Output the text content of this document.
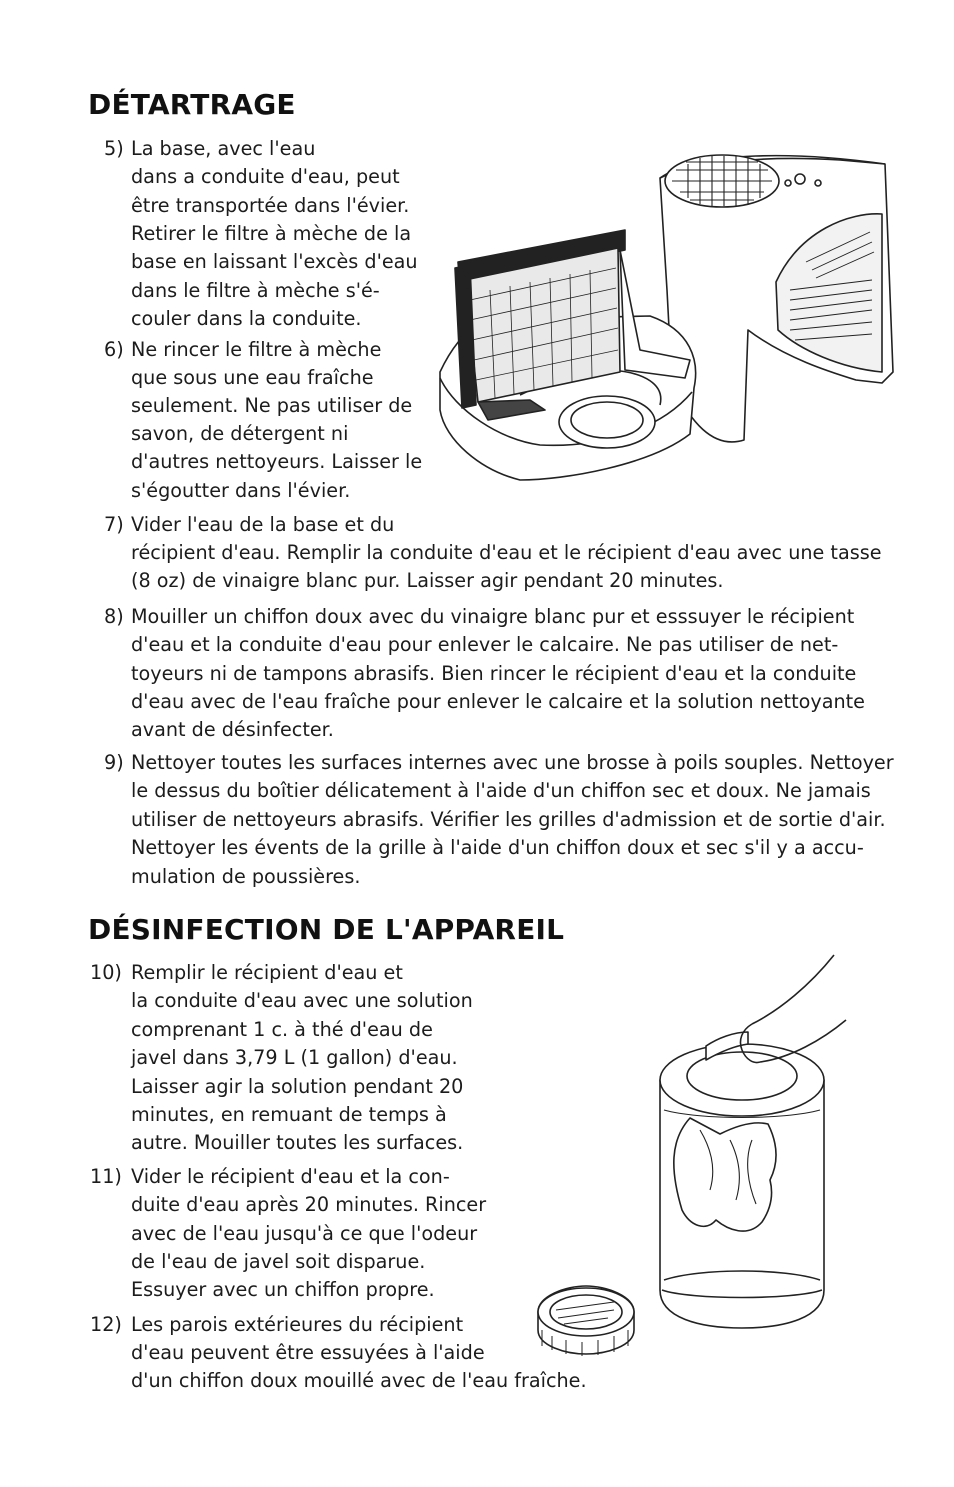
DÉTARTRAGE
DÉSINFECTION DE L'APPAREIL
5) La base, avec l'eau
dans a conduite d'eau, peut
être transportée dans l'évier.
Retirer le filtre à mèche de la
base en laissant l'excès d'eau
dans le filtre à mèche s'é-
couler dans la conduite.
6) Ne rincer le filtre à mèche
que sous une eau fraîche
seulement. Ne pas utiliser de
savon, de détergent ni
d'autres nettoyeurs. Laisser le
s'égoutter dans l'évier.
7) Vider l'eau de la base et du
récipient d'eau. Remplir la conduite d'eau et le récipient d'eau avec une tasse
(8 oz) de vinaigre blanc pur. Laisser agir pendant 20 minutes.
8) Mouiller un chiffon doux avec du vinaigre blanc pur et esssuyer le récipient
d'eau et la conduite d'eau pour enlever le calcaire. Ne pas utiliser de net-
toyeurs ni de tampons abrasifs. Bien rincer le récipient d'eau et la conduite
d'eau avec de l'eau fraîche pour enlever le calcaire et la solution nettoyante
avant de désinfecter.
9) Nettoyer toutes les surfaces internes avec une brosse à poils souples. Nettoyer
le dessus du boîtier délicatement à l'aide d'un chiffon sec et doux. Ne jamais
utiliser de nettoyeurs abrasifs. Vérifier les grilles d'admission et de sortie d'air.
Nettoyer les évents de la grille à l'aide d'un chiffon doux et sec s'il y a accu-
mulation de poussières.
10) Remplir le récipient d'eau et
la conduite d'eau avec une solution
comprenant 1 c. à thé d'eau de
javel dans 3,79 L (1 gallon) d'eau.
Laisser agir la solution pendant 20
minutes, en remuant de temps à
autre. Mouiller toutes les surfaces.
11) Vider le récipient d'eau et la con-
duite d'eau après 20 minutes. Rincer
avec de l'eau jusqu'à ce que l'odeur
de l'eau de javel soit disparue.
Essuyer avec un chiffon propre.
12) Les parois extérieures du récipient
d'eau peuvent être essuyées à l'aide
d'un chiffon doux mouillé avec de l'eau fraîche.
